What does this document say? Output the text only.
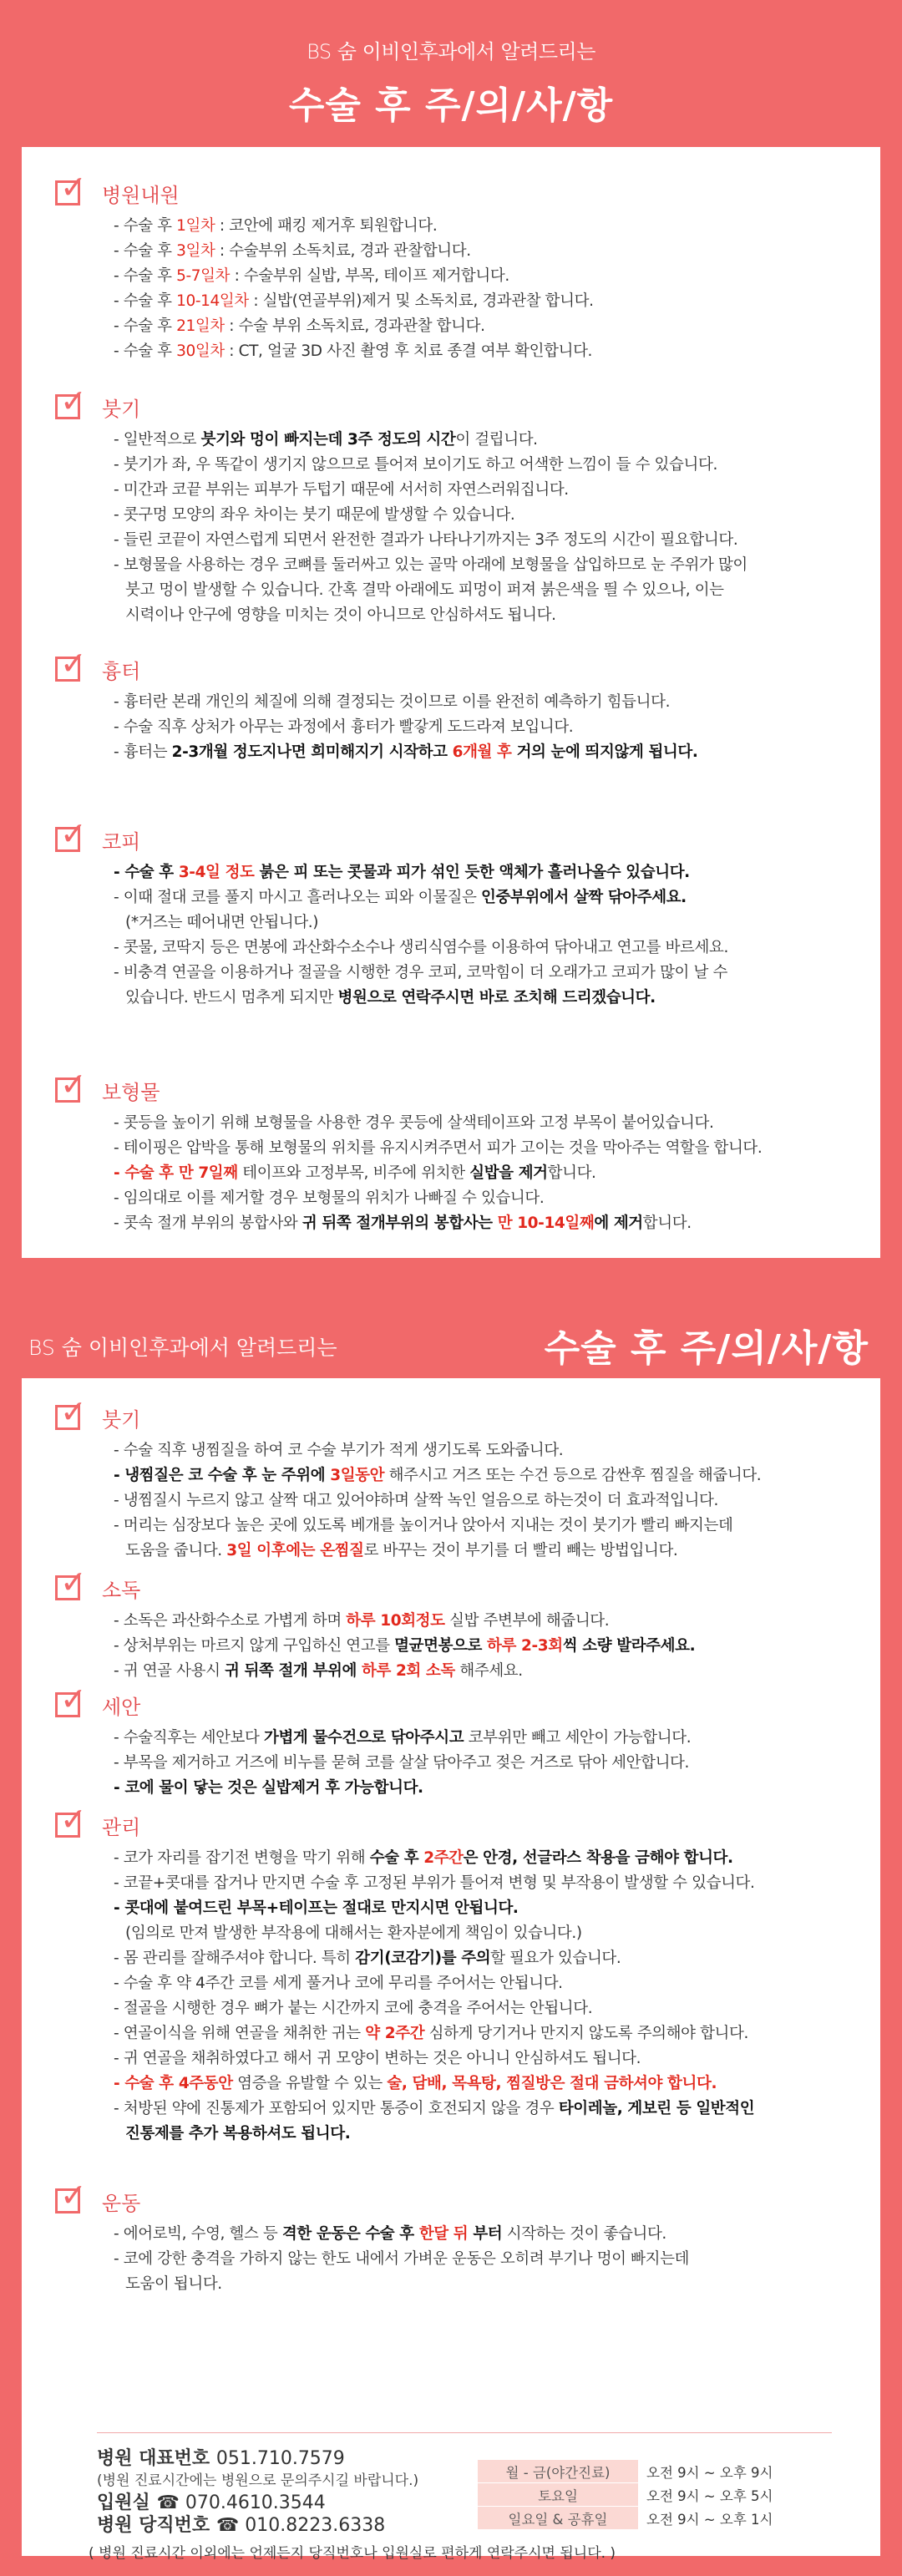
BS 숨 이비인후과에서 알려드리는
수술 후 주/의/사/항
✓ 병원내원
- 수술 후 1일차 : 코안에 패킹 제거후 퇴원합니다.
- 수술 후 3일차 : 수술부위 소독치료, 경과 관찰합니다.
- 수술 후 5-7일차 : 수술부위 실밥, 부목, 테이프 제거합니다.
- 수술 후 10-14일차 : 실밥(연골부위)제거 및 소독치료, 경과관찰 합니다.
- 수술 후 21일차 : 수술 부위 소독치료, 경과관찰 합니다.
- 수술 후 30일차 : CT, 얼굴 3D 사진 촬영 후 치료 종결 여부 확인합니다.
✓ 붓기
- 일반적으로 붓기와 멍이 빠지는데 3주 정도의 시간이 걸립니다.
- 붓기가 좌, 우 똑같이 생기지 않으므로 틀어져 보이기도 하고 어색한 느낌이 들 수 있습니다.
- 미간과 코끝 부위는 피부가 두텁기 때문에 서서히 자연스러워집니다.
- 콧구멍 모양의 좌우 차이는 붓기 때문에 발생할 수 있습니다.
- 들린 코끝이 자연스럽게 되면서 완전한 결과가 나타나기까지는 3주 정도의 시간이 필요합니다.
- 보형물을 사용하는 경우 코뼈를 둘러싸고 있는 골막 아래에 보형물을 삽입하므로 눈 주위가 많이
붓고 멍이 발생할 수 있습니다. 간혹 결막 아래에도 피멍이 퍼져 붉은색을 띌 수 있으나, 이는
시력이나 안구에 영향을 미치는 것이 아니므로 안심하셔도 됩니다.
✓ 흉터
- 흉터란 본래 개인의 체질에 의해 결정되는 것이므로 이를 완전히 예측하기 힘듭니다.
- 수술 직후 상처가 아무는 과정에서 흉터가 빨갛게 도드라져 보입니다.
- 흉터는 2-3개월 정도지나면 희미해지기 시작하고 6개월 후 거의 눈에 띄지않게 됩니다.
✓ 코피
- 수술 후 3-4일 정도 붉은 피 또는 콧물과 피가 섞인 듯한 액체가 흘러나올수 있습니다.
- 이때 절대 코를 풀지 마시고 흘러나오는 피와 이물질은 인중부위에서 살짝 닦아주세요.
(*거즈는 떼어내면 안됩니다.)
- 콧물, 코딱지 등은 면봉에 과산화수소수나 생리식염수를 이용하여 닦아내고 연고를 바르세요.
- 비충격 연골을 이용하거나 절골을 시행한 경우 코피, 코막힘이 더 오래가고 코피가 많이 날 수
있습니다. 반드시 멈추게 되지만 병원으로 연락주시면 바로 조치해 드리겠습니다.
✓ 보형물
- 콧등을 높이기 위해 보형물을 사용한 경우 콧등에 살색테이프와 고정 부목이 붙어있습니다.
- 테이핑은 압박을 통해 보형물의 위치를 유지시켜주면서 피가 고이는 것을 막아주는 역할을 합니다.
- 수술 후 만 7일째 테이프와 고정부목, 비주에 위치한 실밥을 제거합니다.
- 임의대로 이를 제거할 경우 보형물의 위치가 나빠질 수 있습니다.
- 콧속 절개 부위의 봉합사와 귀 뒤쪽 절개부위의 봉합사는 만 10-14일째에 제거합니다.
BS 숨 이비인후과에서 알려드리는	수술 후 주/의/사/항
병원 대표번호 051.710.7579
(병원 진료시간에는 병원으로 문의주시길 바랍니다.)
입원실 ☎ 070.4610.3544
병원 당직번호 ☎ 010.8223.6338
월 - 금(야간진료)	오전 9시 ~ 오후 9시
토요일	오전 9시 ~ 오후 5시
일요일 & 공휴일	오전 9시 ~ 오후 1시
( 병원 진료시간 이외에는 언제든지 당직번호나 입원실로 편하게 연락주시면 됩니다. )
✓ 붓기
- 수술 직후 냉찜질을 하여 코 수술 부기가 적게 생기도록 도와줍니다.
- 냉찜질은 코 수술 후 눈 주위에 3일동안 해주시고 거즈 또는 수건 등으로 감싼후 찜질을 해줍니다.
- 냉찜질시 누르지 않고 살짝 대고 있어야하며 살짝 녹인 얼음으로 하는것이 더 효과적입니다.
- 머리는 심장보다 높은 곳에 있도록 베개를 높이거나 앉아서 지내는 것이 붓기가 빨리 빠지는데
도움을 줍니다. 3일 이후에는 온찜질로 바꾸는 것이 부기를 더 빨리 빼는 방법입니다.
✓ 소독
- 소독은 과산화수소로 가볍게 하며 하루 10회정도 실밥 주변부에 해줍니다.
- 상처부위는 마르지 않게 구입하신 연고를 멸균면봉으로 하루 2-3회씩 소량 발라주세요.
- 귀 연골 사용시 귀 뒤쪽 절개 부위에 하루 2회 소독 해주세요.
✓ 세안
- 수술직후는 세안보다 가볍게 물수건으로 닦아주시고 코부위만 빼고 세안이 가능합니다.
- 부목을 제거하고 거즈에 비누를 묻혀 코를 살살 닦아주고 젖은 거즈로 닦아 세안합니다.
- 코에 물이 닿는 것은 실밥제거 후 가능합니다.
✓ 관리
- 코가 자리를 잡기전 변형을 막기 위해 수술 후 2주간은 안경, 선글라스 착용을 금해야 합니다.
- 코끝+콧대를 잡거나 만지면 수술 후 고정된 부위가 틀어져 변형 및 부작용이 발생할 수 있습니다.
- 콧대에 붙여드린 부목+테이프는 절대로 만지시면 안됩니다.
(임의로 만져 발생한 부작용에 대해서는 환자분에게 책임이 있습니다.)
- 몸 관리를 잘해주셔야 합니다. 특히 감기(코감기)를 주의할 필요가 있습니다.
- 수술 후 약 4주간 코를 세게 풀거나 코에 무리를 주어서는 안됩니다.
- 절골을 시행한 경우 뼈가 붙는 시간까지 코에 충격을 주어서는 안됩니다.
- 연골이식을 위해 연골을 채취한 귀는 약 2주간 심하게 당기거나 만지지 않도록 주의해야 합니다.
- 귀 연골을 채취하였다고 해서 귀 모양이 변하는 것은 아니니 안심하셔도 됩니다.
- 수술 후 4주동안 염증을 유발할 수 있는 술, 담배, 목욕탕, 찜질방은 절대 금하셔야 합니다.
- 처방된 약에 진통제가 포함되어 있지만 통증이 호전되지 않을 경우 타이레놀, 게보린 등 일반적인
진통제를 추가 복용하셔도 됩니다.
✓ 운동
- 에어로빅, 수영, 헬스 등 격한 운동은 수술 후 한달 뒤 부터 시작하는 것이 좋습니다.
- 코에 강한 충격을 가하지 않는 한도 내에서 가벼운 운동은 오히려 부기나 멍이 빠지는데
도움이 됩니다.
